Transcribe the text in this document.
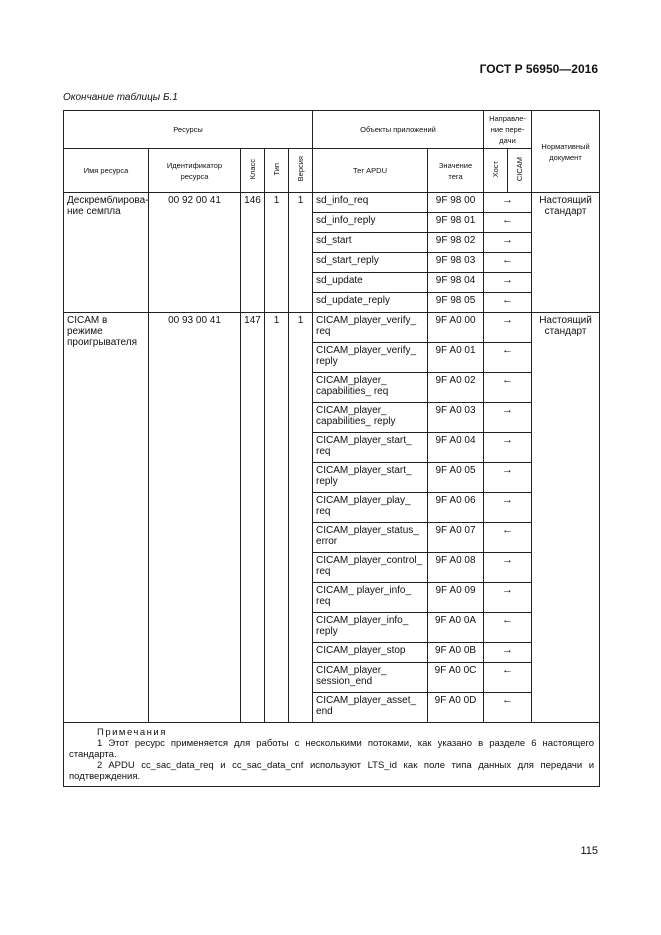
ГОСТ Р 56950—2016
Окончание таблицы Б.1
Ресурсы					Объекты приложений		Направле-ние пере-дачи		Нормативный документ
Имя ресурса	Идентификатор ресурса	Класс	Тип	Версия	Тег APDU	Значение тега	Хост	CICAM	
Дескремблирова-ние семпла	00 92 00 41	146	1	1	sd_info_req	9F 98 00	→		Настоящий стандарт
					sd_info_reply	9F 98 01	←		
					sd_start	9F 98 02	→		
					sd_start_reply	9F 98 03	←		
					sd_update	9F 98 04	→		
					sd_update_reply	9F 98 05	←		
CICAM в режиме проигрывателя	00 93 00 41	147	1	1	CICAM_player_verify_ req	9F A0 00	→		Настоящий стандарт
					CICAM_player_verify_ reply	9F A0 01	←		
					CICAM_player_ capabilities_ req	9F A0 02	←		
					CICAM_player_ capabilities_ reply	9F A0 03	→		
					CICAM_player_start_ req	9F A0 04	→		
					CICAM_player_start_ reply	9F A0 05	→		
					CICAM_player_play_ req	9F A0 06	→		
					CICAM_player_status_ error	9F A0 07	←		
					CICAM_player_control_ req	9F A0 08	→		
					CICAM_ player_info_ req	9F A0 09	→		
					CICAM_player_info_ reply	9F A0 0A	←		
					CICAM_player_stop	9F A0 0B	→		
					CICAM_player_ session_end	9F A0 0C	←		
					CICAM_player_asset_ end	9F A0 0D	←		

Примечания

1 Этот ресурс применяется для работы с несколькими потоками, как указано в разделе 6 настоящего стандарта.

2 APDU cc_sac_data_req и cc_sac_data_cnf используют LTS_id как поле типа данных для передачи и подтверждения.									

115
